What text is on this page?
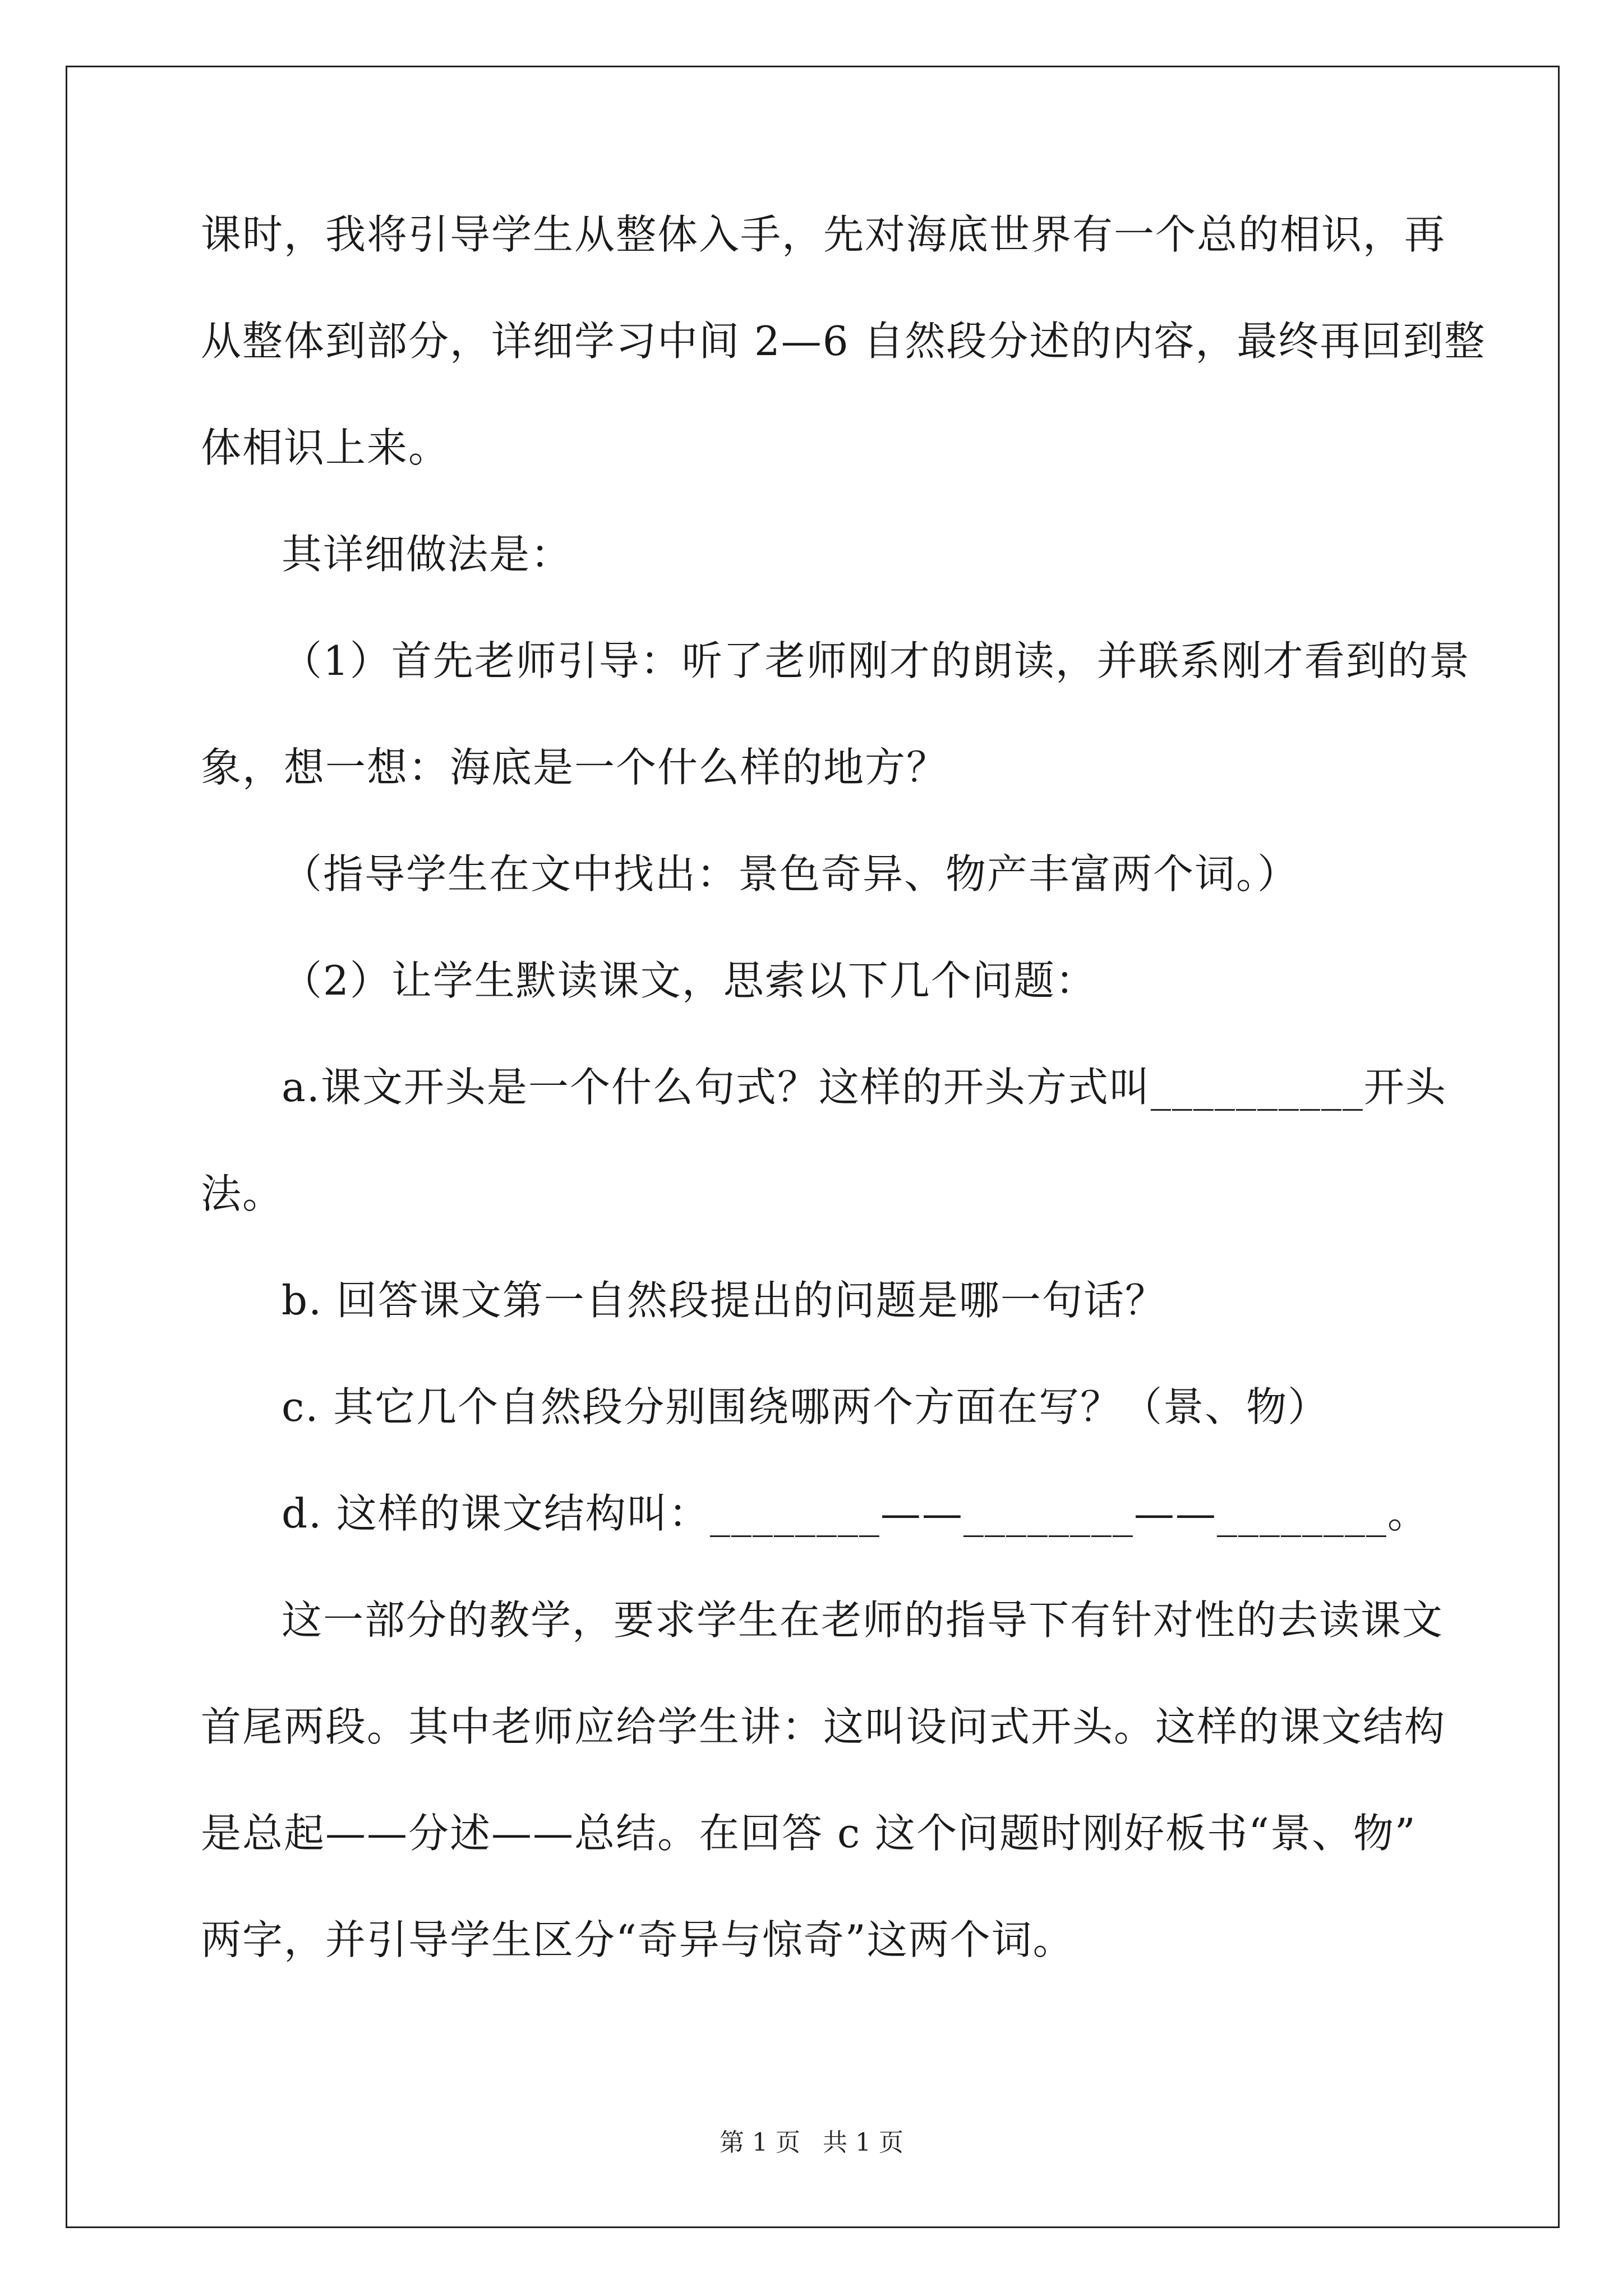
课时，我将引导学生从整体入手，先对海底世界有一个总的相识，再
从整体到部分，详细学习中间 2—6 自然段分述的内容，最终再回到整
体相识上来。
其详细做法是：
（1）首先老师引导：听了老师刚才的朗读，并联系刚才看到的景
象，想一想：海底是一个什么样的地方？
（指导学生在文中找出：景色奇异、物产丰富两个词。）
（2）让学生默读课文，思索以下几个问题：
a.课文开头是一个什么句式？这样的开头方式叫__________开头
法。
b. 回答课文第一自然段提出的问题是哪一句话？
c. 其它几个自然段分别围绕哪两个方面在写？（景、物）
d. 这样的课文结构叫：________——________——________。
这一部分的教学，要求学生在老师的指导下有针对性的去读课文
首尾两段。其中老师应给学生讲：这叫设问式开头。这样的课文结构
是总起——分述——总结。在回答 c 这个问题时刚好板书“景、物”
两字，并引导学生区分“奇异与惊奇”这两个词。
第 1 页 共 1 页
